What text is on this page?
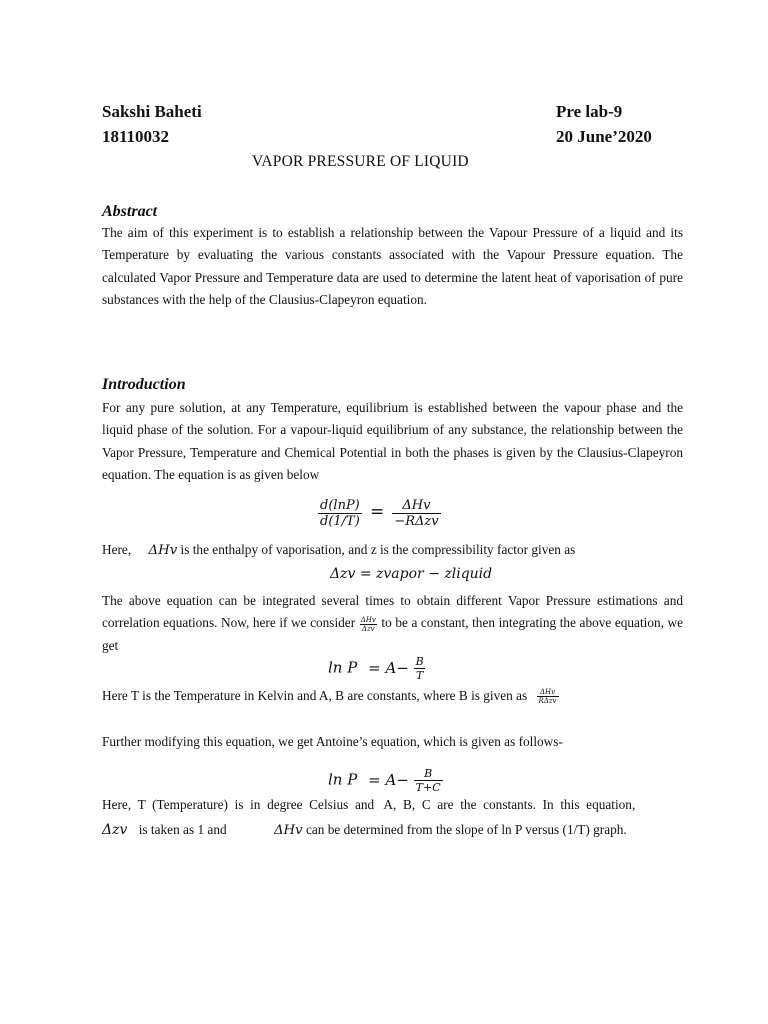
Sakshi Baheti
18110032
Pre lab-9
20 June’2020
VAPOR PRESSURE OF LIQUID
Abstract
The aim of this experiment is to establish a relationship between the Vapour Pressure of a liquid and its Temperature by evaluating the various constants associated with the Vapour Pressure equation. The calculated Vapor Pressure and Temperature data are used to determine the latent heat of vaporisation of pure substances with the help of the Clausius-Clapeyron equation.
Introduction
For any pure solution, at any Temperature, equilibrium is established between the vapour phase and the liquid phase of the solution. For a vapour-liquid equilibrium of any substance, the relationship between the Vapor Pressure, Temperature and Chemical Potential in both the phases is given by the Clausius-Clapeyron equation. The equation is as given below
$\frac{d(\ln P)}{d(1/T)} = \frac{\text{ΔHv}}{\text{−RΔzv}}$
Here, ΔHv is the enthalpy of vaporisation, and z is the compressibility factor given as
Δzv = zvapor − zliquid
The above equation can be integrated several times to obtain different Vapor Pressure estimations and correlation equations. Now, here if we consider $\frac{\text{ΔHv}}{\text{Δzv}}$ to be a constant, then integrating the above equation, we get
$\ln P = A- \frac{B}{T}$
Here T is the Temperature in Kelvin and A, B are constants, where B is given as $\frac{\text{ΔHv}}{\text{RΔzv}}$
Further modifying this equation, we get Antoine’s equation, which is given as follows-
$\ln P = A- \frac{B}{T+C}$
Here,  T  (Temperature)  is  in  degree  Celsius  and   A,  B,  C  are  the  constants.  In  this  equation,
Δzv is taken as 1 and	ΔHv can be determined from the slope of ln P versus (1/T) graph.
